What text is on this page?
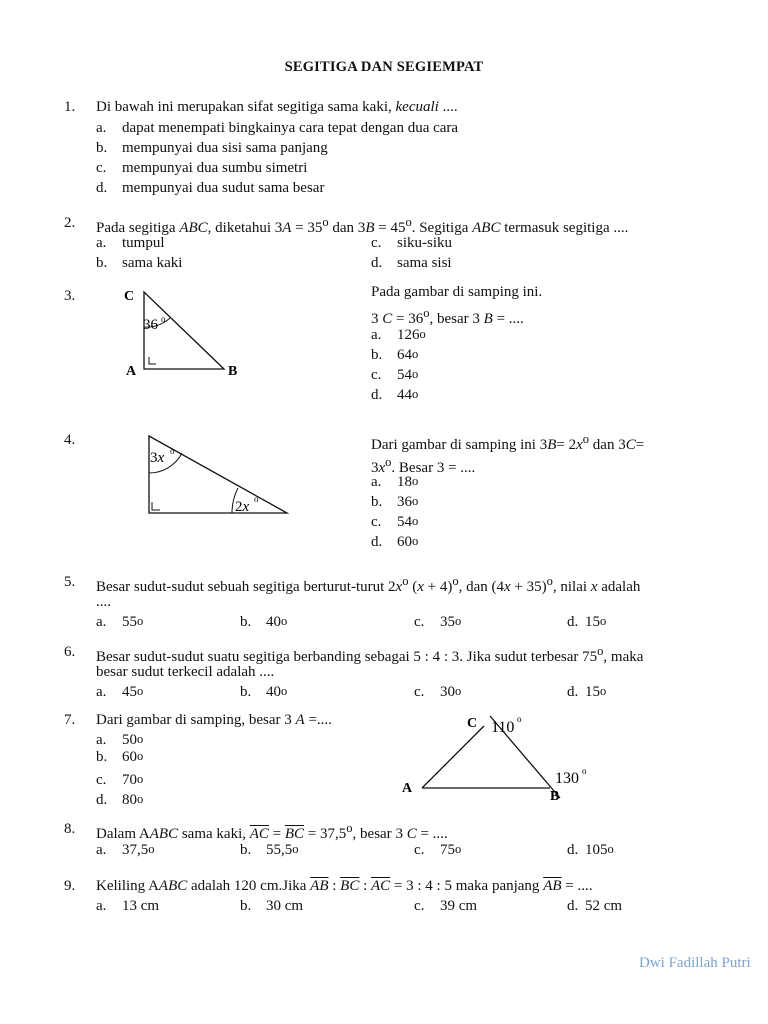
SEGITIGA DAN SEGIEMPAT
1. Di bawah ini merupakan sifat segitiga sama kaki, kecuali ....
a.	dapat menempati bingkainya cara tepat dengan dua cara
b. mempunyai dua sisi sama panjang
c.	mempunyai dua sumbu simetri
d. mempunyai dua sudut sama besar
2. Pada segitiga ABC, diketahui $3A = 35^o$ dan $3B = 45^o$. Segitiga ABC termasuk segitiga ....
a.	tumpul
b. sama kaki
c.	siku-siku
d. sama sisi
3.	C
A	B
36 o
Pada gambar di samping ini.
3 $C = 36^o$, besar 3 B = ....
a.	126 o
b. 64 o
c.	54 o
d. 44 o
4.
3x o
2x o
Dari gambar di samping ini $3B= 2x^o$ dan 3C=
$3x^o$. Besar 3 = ....
a.	18 o
b. 36 o
c.	54 o
d. 60 o
5. Besar sudut-sudut sebuah segitiga berturut-turut $2x^o$ $(x + 4)^o$, dan $(4x + 35)^o$, nilai x adalah
....
a.	55 o	b. 40 o	c.	35 o	d. 15 o
6. Besar sudut-sudut suatu segitiga berbanding sebagai 5 : 4 : 3. Jika sudut terbesar 75$^o$, maka
besar sudut terkecil adalah ....
a.	45 o	b. 40 o	c.	30 o	d. 15 o
7. Dari gambar di samping, besar 3 A =....
a.	50 o
b. 60 o
c.	70 o
d. 80 o
C
A
B
110 o
130 o
8. Dalam AABC sama kaki, $\overline{AC} = \overline{BC} = 37,5^o$, besar 3 C = ....
a.	37,5 o	b. 55,5 o	c.	75 o	d. 105 o
9. Keliling AABC adalah 120 cm.Jika $\overline{AB}$ : $\overline{BC}$ : $\overline{AC} = 3$ : 4 : 5 maka panjang $\overline{AB}$ = ....
a.	13 cm	b. 30 cm	c.	39 cm	d. 52 cm
Dwi Fadillah Putri
